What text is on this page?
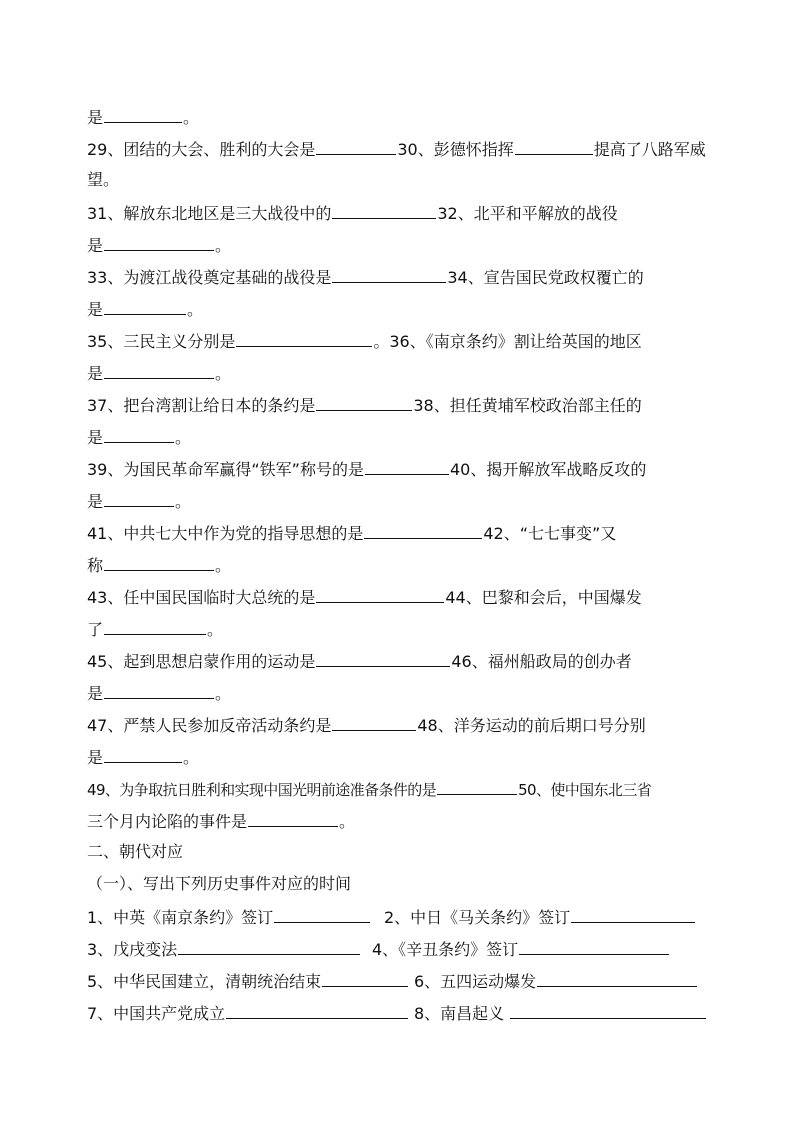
是	。
29、团结的大会、胜利的大会是	30、彭德怀指挥	提高了八路军威
望。
31、解放东北地区是三大战役中的	32、北平和平解放的战役
是	。
33、为渡江战役奠定基础的战役是	34、宣告国民党政权覆亡的
是	。
35、三民主义分别是	。36、《南京条约》割让给英国的地区
是	。
37、把台湾割让给日本的条约是	38、担任黄埔军校政治部主任的
是	。
39、为国民革命军赢得“铁军”称号的是	40、揭开解放军战略反攻的
是	。
41、中共七大中作为党的指导思想的是	42、“七七事变”又
称	。
43、任中国民国临时大总统的是	44、巴黎和会后，中国爆发
了	。
45、起到思想启蒙作用的运动是	46、福州船政局的创办者
是	。
47、严禁人民参加反帝活动条约是	48、洋务运动的前后期口号分别
是	。
49、为争取抗日胜利和实现中国光明前途准备条件的是	50、使中国东北三省
三个月内论陷的事件是	。
二、朝代对应
（一）、写出下列历史事件对应的时间
1、中英《南京条约》签订	2、中日《马关条约》签订
3、戊戌变法	4、《辛丑条约》签订
5、中华民国建立，清朝统治结束	6、五四运动爆发
7、中国共产党成立	8、南昌起义
